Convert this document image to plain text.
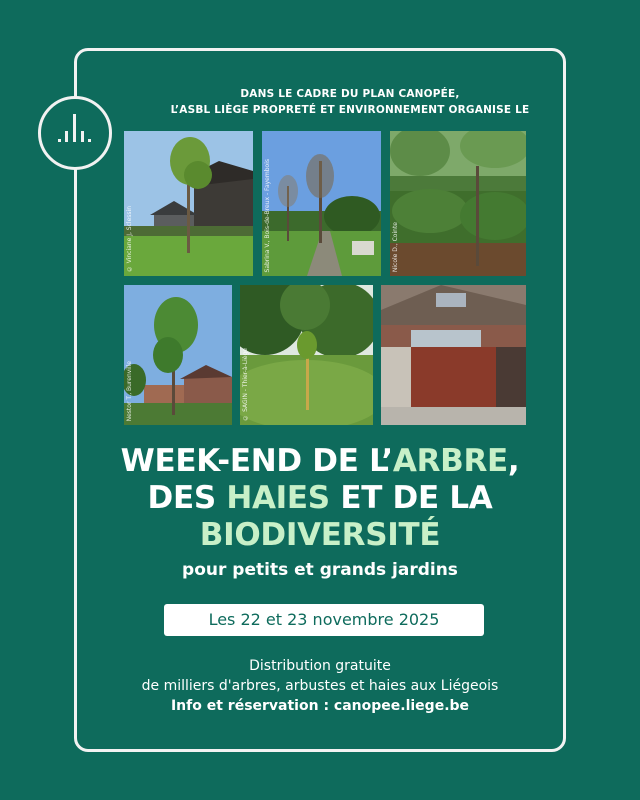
DANS LE CADRE DU PLAN CANOPÉE,
L’ASBL LIÈGE PROPRETÉ ET ENVIRONNEMENT ORGANISE LE
© Vinciane J, Sclessin	Sabrina V., Bois-de-Breux - Fayembois	Nicole D., Cointe
Nestor T., Burenville	© SAGIN - Thier-à-Liège
WEEK-END DE L’ARBRE,
DES HAIES ET DE LA
BIODIVERSITÉ
pour petits et grands jardins
Les 22 et 23 novembre 2025
Distribution gratuite
de milliers d'arbres, arbustes et haies aux Liégeois
Info et réservation : canopee.liege.be
